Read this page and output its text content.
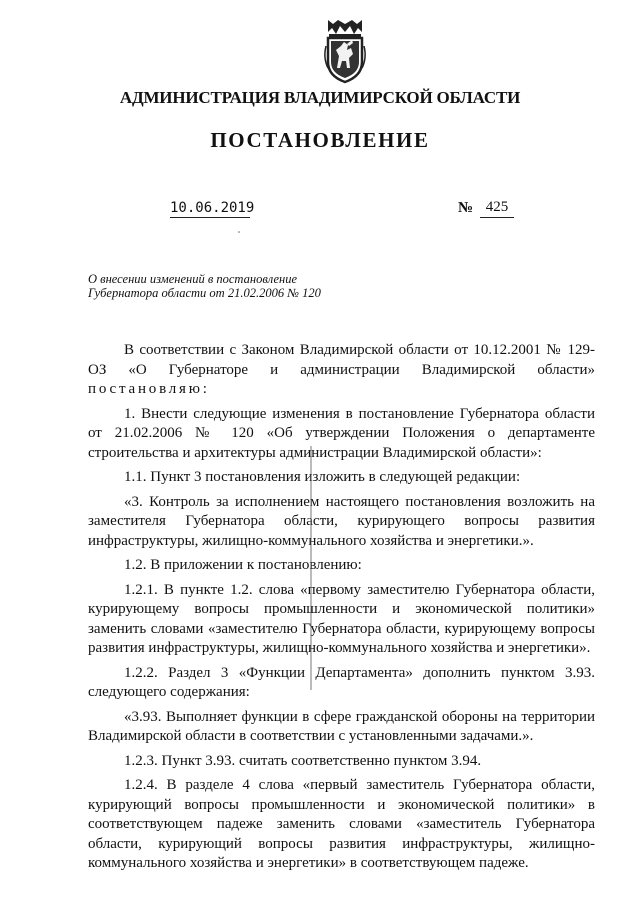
АДМИНИСТРАЦИЯ ВЛАДИМИРСКОЙ ОБЛАСТИ
ПОСТАНОВЛЕНИЕ
10.06.2019	№ 425
О внесении изменений в постановление
Губернатора области от 21.02.2006 № 120

В соответствии с Законом Владимирской области от 10.12.2001 № 129-ОЗ «О Губернаторе и администрации Владимирской области» постановляю:

1. Внести следующие изменения в постановление Губернатора области от 21.02.2006 № 120 «Об утверждении Положения о департаменте строительства и архитектуры администрации Владимирской области»:

1.1. Пункт 3 постановления изложить в следующей редакции:

«3. Контроль за исполнением настоящего постановления возложить на заместителя Губернатора области, курирующего вопросы развития инфраструктуры, жилищно-коммунального хозяйства и энергетики.».

1.2. В приложении к постановлению:

1.2.1. В пункте 1.2. слова «первому заместителю Губернатора области, курирующему вопросы промышленности и экономической политики» заменить словами «заместителю Губернатора области, курирующему вопросы развития инфраструктуры, жилищно-коммунального хозяйства и энергетики».

1.2.2. Раздел 3 «Функции Департамента» дополнить пунктом 3.93. следующего содержания:

«3.93. Выполняет функции в сфере гражданской обороны на территории Владимирской области в соответствии с установленными задачами.».

1.2.3. Пункт 3.93. считать соответственно пунктом 3.94.

1.2.4. В разделе 4 слова «первый заместитель Губернатора области, курирующий вопросы промышленности и экономической политики» в соответствующем падеже заменить словами «заместитель Губернатора области, курирующий вопросы развития инфраструктуры, жилищно-коммунального хозяйства и энергетики» в соответствующем падеже.
